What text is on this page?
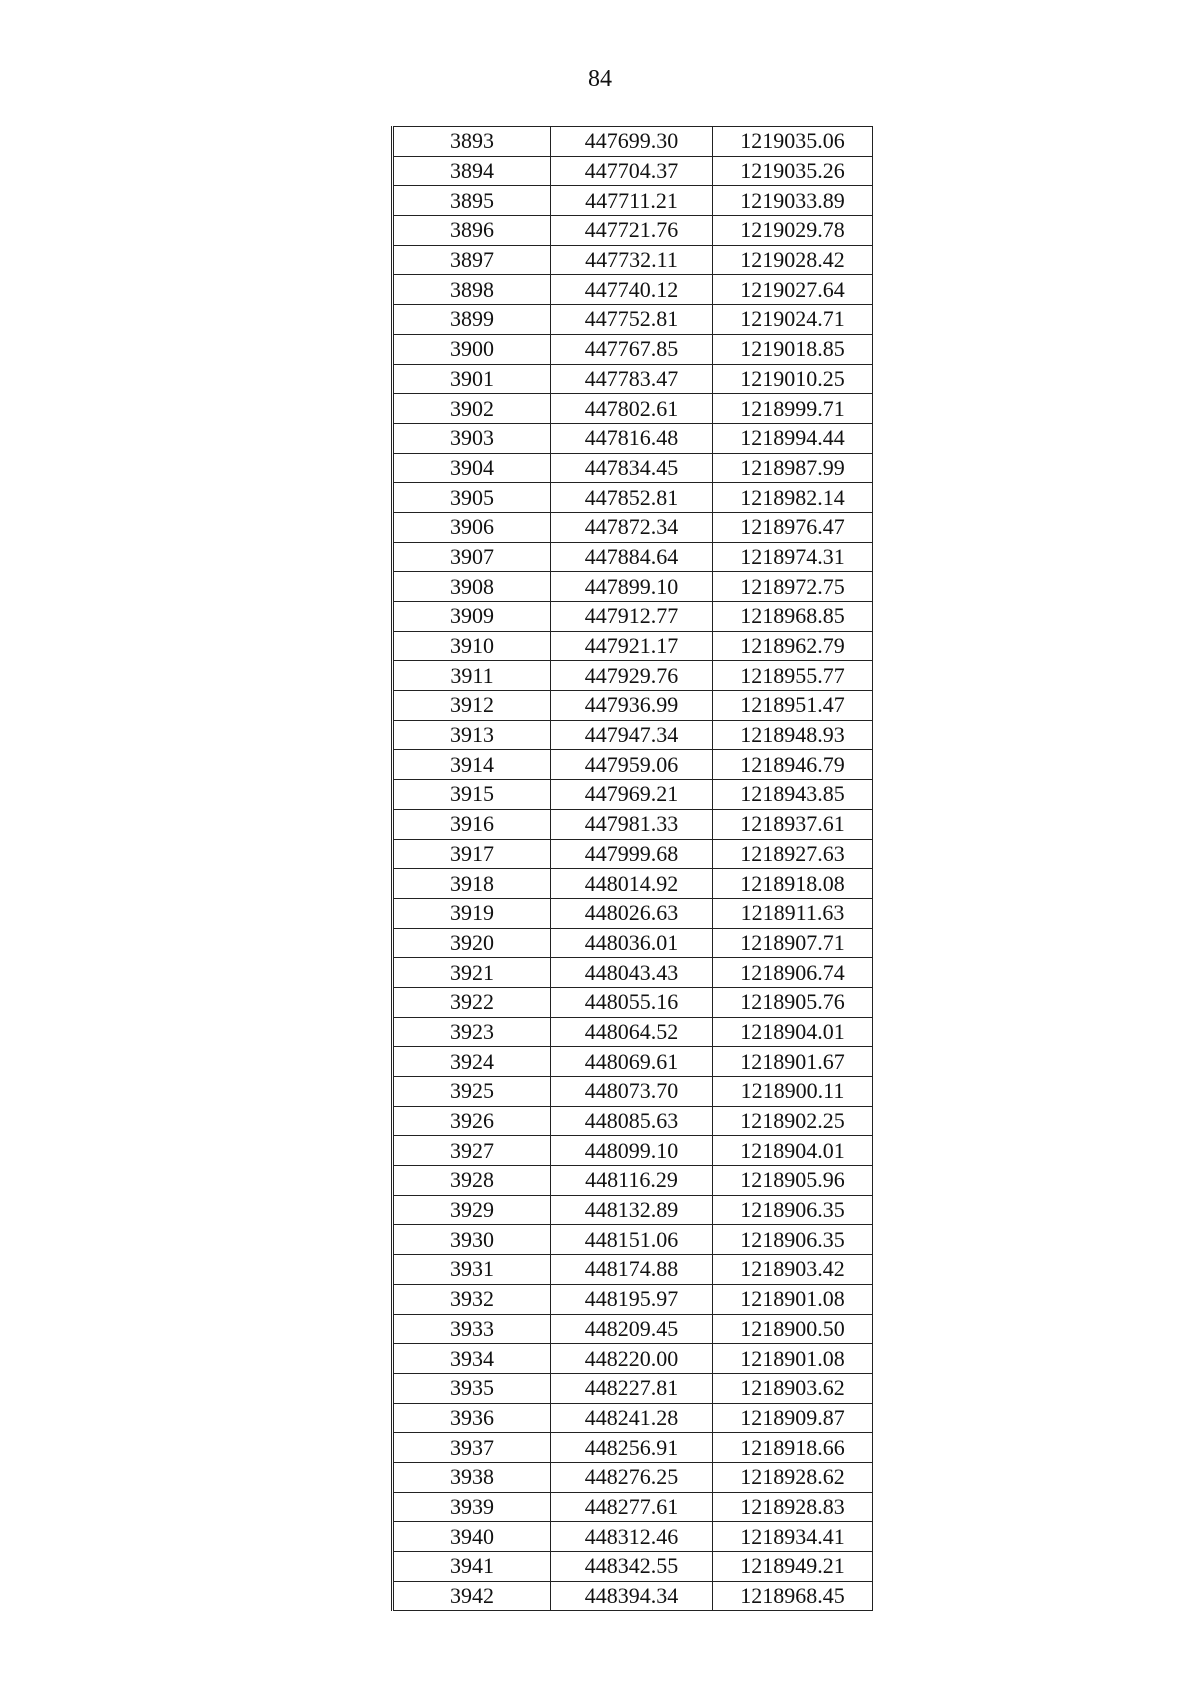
84
3893	447699.30	1219035.06
3894	447704.37	1219035.26
3895	447711.21	1219033.89
3896	447721.76	1219029.78
3897	447732.11	1219028.42
3898	447740.12	1219027.64
3899	447752.81	1219024.71
3900	447767.85	1219018.85
3901	447783.47	1219010.25
3902	447802.61	1218999.71
3903	447816.48	1218994.44
3904	447834.45	1218987.99
3905	447852.81	1218982.14
3906	447872.34	1218976.47
3907	447884.64	1218974.31
3908	447899.10	1218972.75
3909	447912.77	1218968.85
3910	447921.17	1218962.79
3911	447929.76	1218955.77
3912	447936.99	1218951.47
3913	447947.34	1218948.93
3914	447959.06	1218946.79
3915	447969.21	1218943.85
3916	447981.33	1218937.61
3917	447999.68	1218927.63
3918	448014.92	1218918.08
3919	448026.63	1218911.63
3920	448036.01	1218907.71
3921	448043.43	1218906.74
3922	448055.16	1218905.76
3923	448064.52	1218904.01
3924	448069.61	1218901.67
3925	448073.70	1218900.11
3926	448085.63	1218902.25
3927	448099.10	1218904.01
3928	448116.29	1218905.96
3929	448132.89	1218906.35
3930	448151.06	1218906.35
3931	448174.88	1218903.42
3932	448195.97	1218901.08
3933	448209.45	1218900.50
3934	448220.00	1218901.08
3935	448227.81	1218903.62
3936	448241.28	1218909.87
3937	448256.91	1218918.66
3938	448276.25	1218928.62
3939	448277.61	1218928.83
3940	448312.46	1218934.41
3941	448342.55	1218949.21
3942	448394.34	1218968.45
